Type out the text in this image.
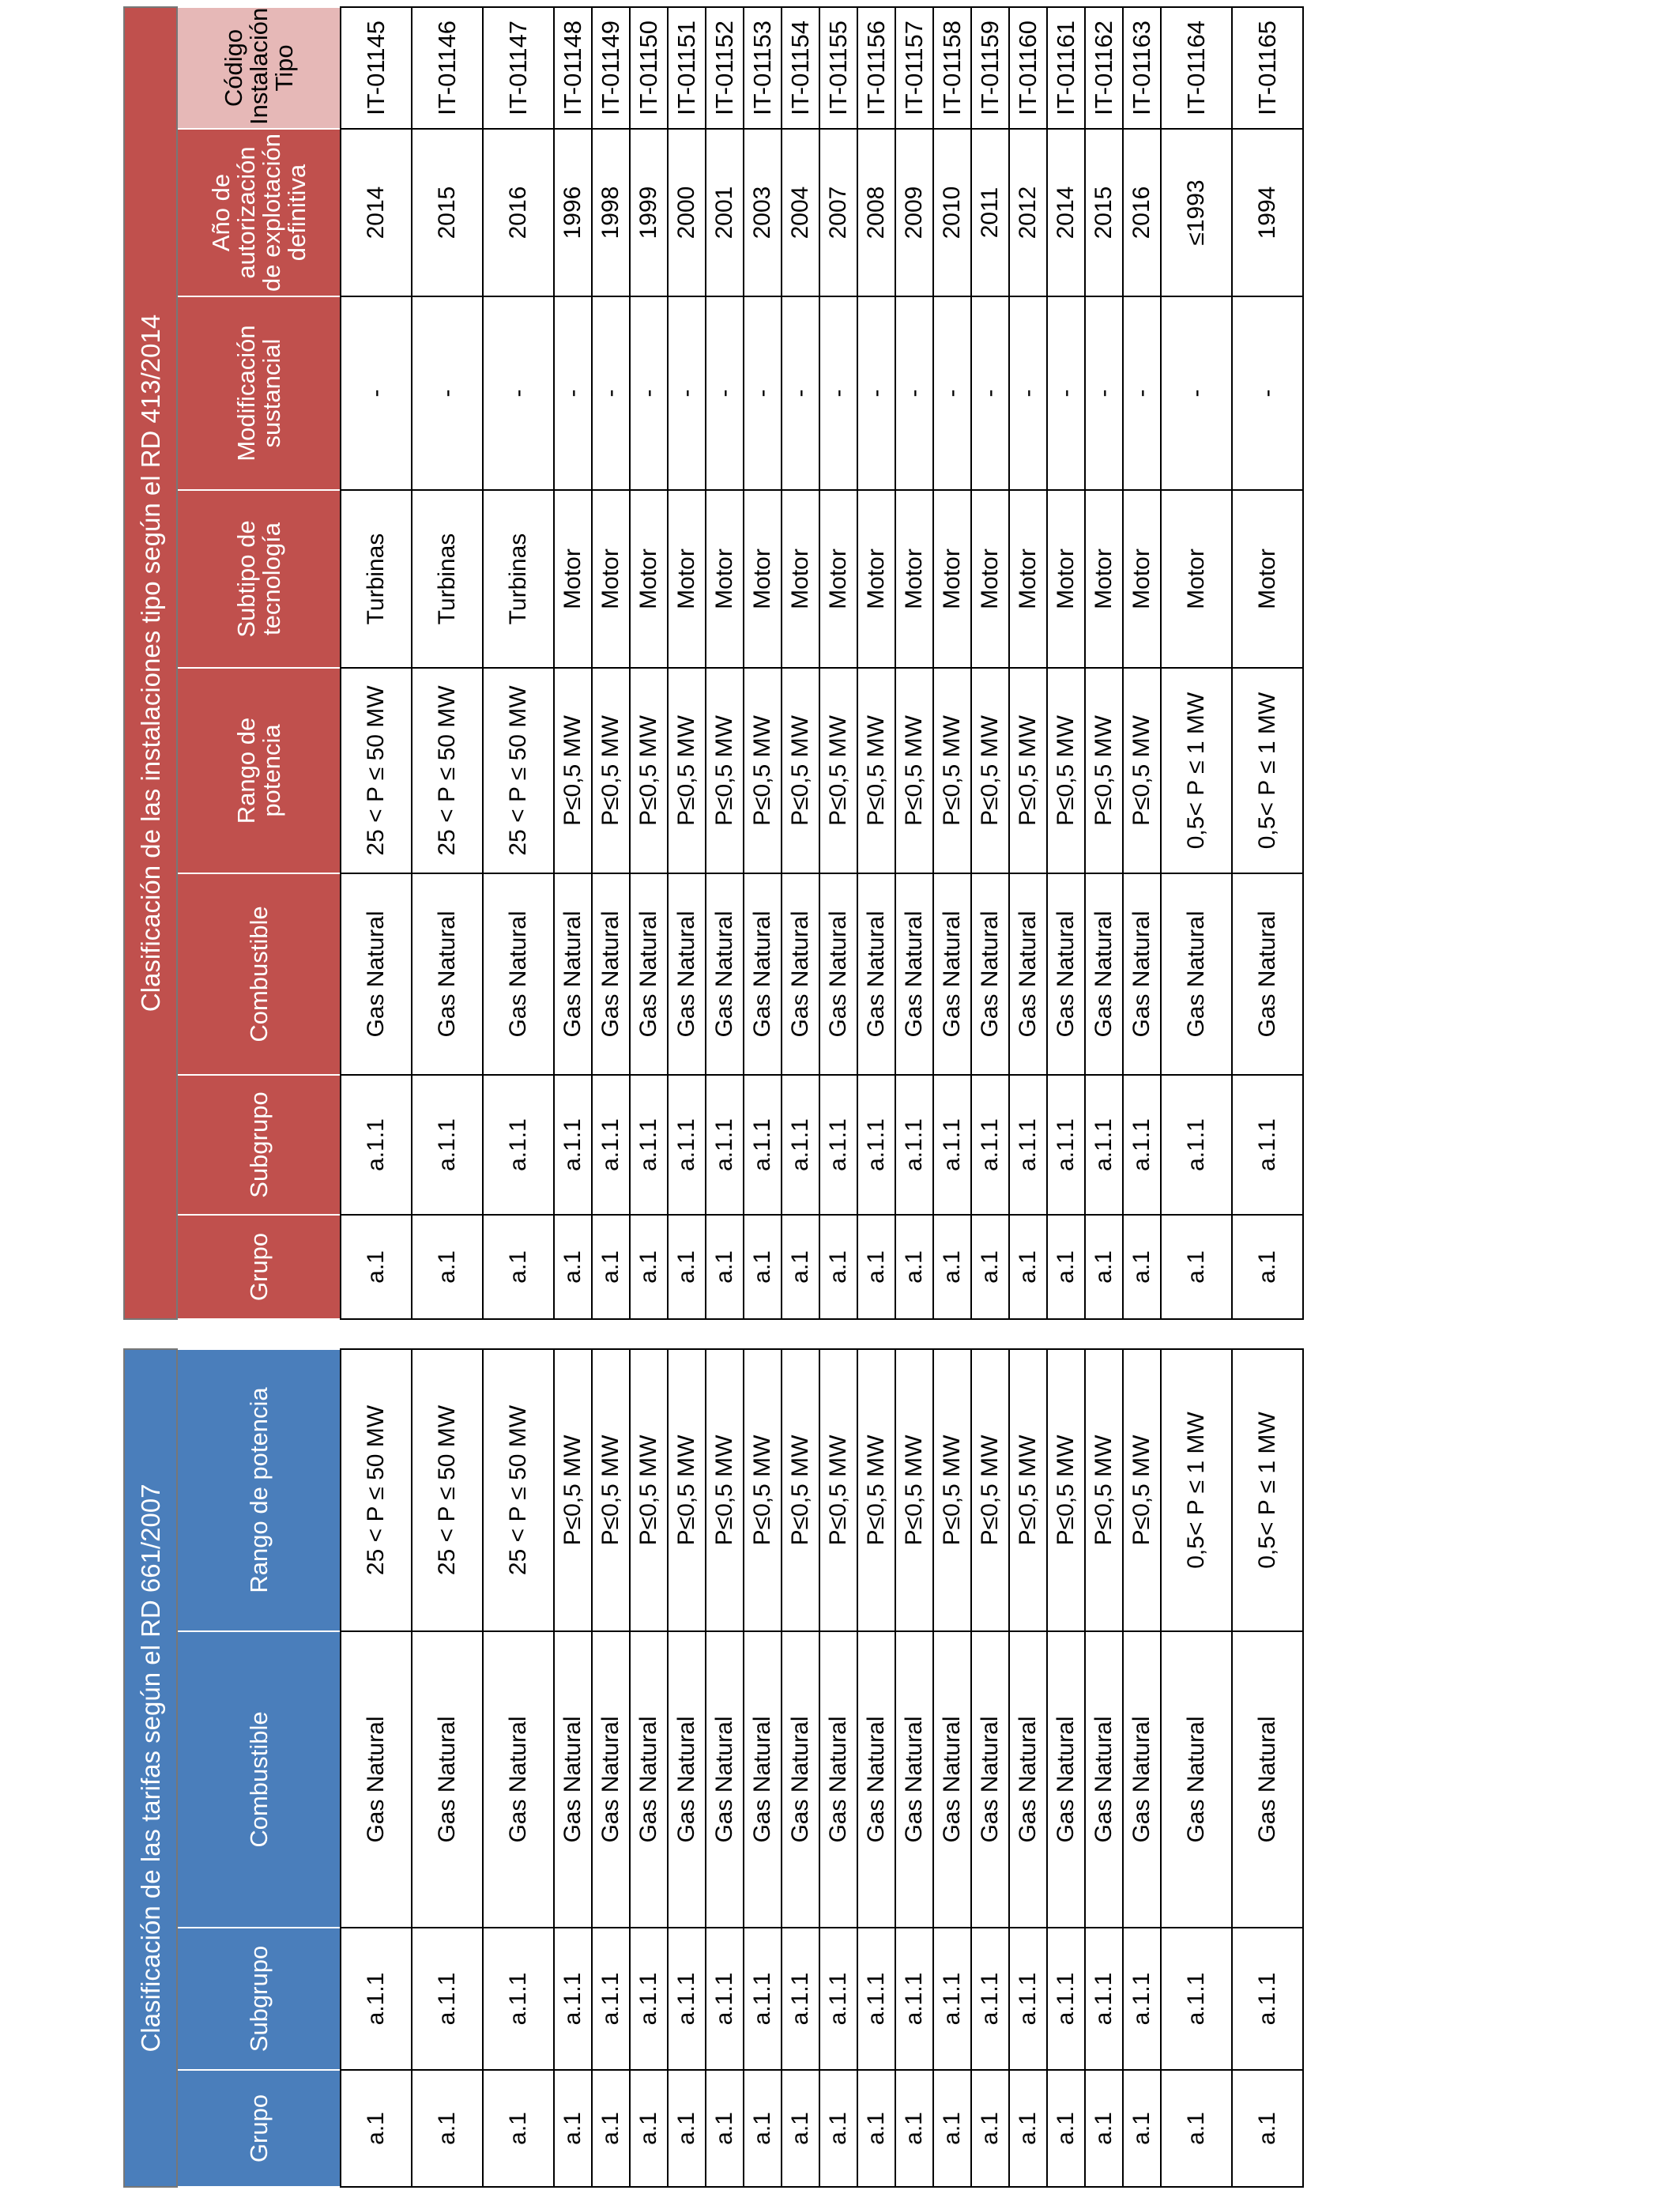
Clasificación de las tarifas según el RD 661/2007			
Grupo	Subgrupo	Combustible	Rango de potencia
a.1	a.1.1	Gas Natural	25 < P ≤ 50 MW
a.1	a.1.1	Gas Natural	25 < P ≤ 50 MW
a.1	a.1.1	Gas Natural	25 < P ≤ 50 MW
a.1	a.1.1	Gas Natural	P≤0,5 MW
a.1	a.1.1	Gas Natural	P≤0,5 MW
a.1	a.1.1	Gas Natural	P≤0,5 MW
a.1	a.1.1	Gas Natural	P≤0,5 MW
a.1	a.1.1	Gas Natural	P≤0,5 MW
a.1	a.1.1	Gas Natural	P≤0,5 MW
a.1	a.1.1	Gas Natural	P≤0,5 MW
a.1	a.1.1	Gas Natural	P≤0,5 MW
a.1	a.1.1	Gas Natural	P≤0,5 MW
a.1	a.1.1	Gas Natural	P≤0,5 MW
a.1	a.1.1	Gas Natural	P≤0,5 MW
a.1	a.1.1	Gas Natural	P≤0,5 MW
a.1	a.1.1	Gas Natural	P≤0,5 MW
a.1	a.1.1	Gas Natural	P≤0,5 MW
a.1	a.1.1	Gas Natural	P≤0,5 MW
a.1	a.1.1	Gas Natural	P≤0,5 MW
a.1	a.1.1	Gas Natural	0,5< P ≤ 1 MW
a.1	a.1.1	Gas Natural	0,5< P ≤ 1 MW
Clasificación de las instalaciones tipo según el RD 413/2014							
Grupo	Subgrupo	Combustible	Rango de potencia	Subtipo de tecnología	Modificación sustancial	Año de autorización de explotación definitiva	Código Instalación Tipo
a.1	a.1.1	Gas Natural	25 < P ≤ 50 MW	Turbinas	-	2014	IT-01145
a.1	a.1.1	Gas Natural	25 < P ≤ 50 MW	Turbinas	-	2015	IT-01146
a.1	a.1.1	Gas Natural	25 < P ≤ 50 MW	Turbinas	-	2016	IT-01147
a.1	a.1.1	Gas Natural	P≤0,5 MW	Motor	-	1996	IT-01148
a.1	a.1.1	Gas Natural	P≤0,5 MW	Motor	-	1998	IT-01149
a.1	a.1.1	Gas Natural	P≤0,5 MW	Motor	-	1999	IT-01150
a.1	a.1.1	Gas Natural	P≤0,5 MW	Motor	-	2000	IT-01151
a.1	a.1.1	Gas Natural	P≤0,5 MW	Motor	-	2001	IT-01152
a.1	a.1.1	Gas Natural	P≤0,5 MW	Motor	-	2003	IT-01153
a.1	a.1.1	Gas Natural	P≤0,5 MW	Motor	-	2004	IT-01154
a.1	a.1.1	Gas Natural	P≤0,5 MW	Motor	-	2007	IT-01155
a.1	a.1.1	Gas Natural	P≤0,5 MW	Motor	-	2008	IT-01156
a.1	a.1.1	Gas Natural	P≤0,5 MW	Motor	-	2009	IT-01157
a.1	a.1.1	Gas Natural	P≤0,5 MW	Motor	-	2010	IT-01158
a.1	a.1.1	Gas Natural	P≤0,5 MW	Motor	-	2011	IT-01159
a.1	a.1.1	Gas Natural	P≤0,5 MW	Motor	-	2012	IT-01160
a.1	a.1.1	Gas Natural	P≤0,5 MW	Motor	-	2014	IT-01161
a.1	a.1.1	Gas Natural	P≤0,5 MW	Motor	-	2015	IT-01162
a.1	a.1.1	Gas Natural	P≤0,5 MW	Motor	-	2016	IT-01163
a.1	a.1.1	Gas Natural	0,5< P ≤ 1 MW	Motor	-	≤1993	IT-01164
a.1	a.1.1	Gas Natural	0,5< P ≤ 1 MW	Motor	-	1994	IT-01165
